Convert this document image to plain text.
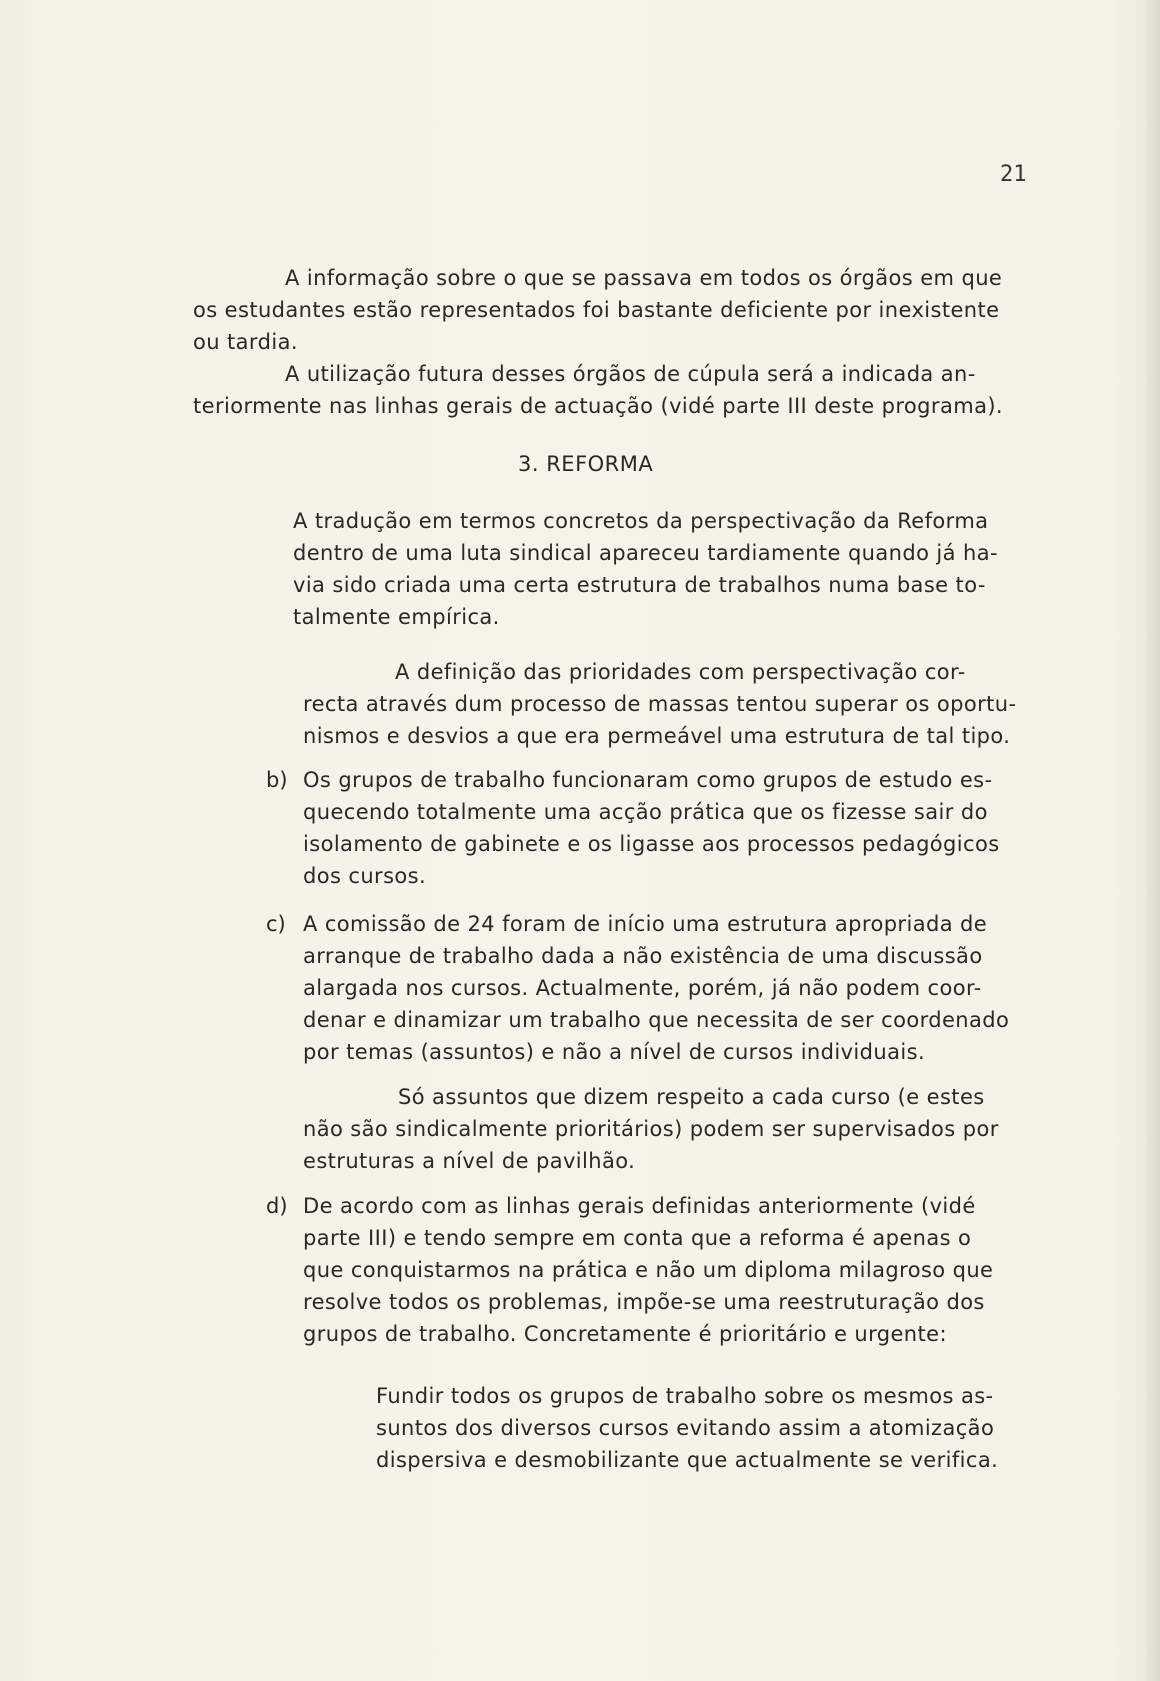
21
A informação sobre o que se passava em todos os órgãos em que
os estudantes estão representados foi bastante deficiente por inexistente
ou tardia.
A utilização futura desses órgãos de cúpula será a indicada an-
teriormente nas linhas gerais de actuação (vidé parte III deste programa).
3. REFORMA
A tradução em termos concretos da perspectivação da Reforma
dentro de uma luta sindical apareceu tardiamente quando já ha-
via sido criada uma certa estrutura de trabalhos numa base to-
talmente empírica.
A definição das prioridades com perspectivação cor-
recta através dum processo de massas tentou superar os oportu-
nismos e desvios a que era permeável uma estrutura de tal tipo.
b) Os grupos de trabalho funcionaram como grupos de estudo es-
quecendo totalmente uma acção prática que os fizesse sair do
isolamento de gabinete e os ligasse aos processos pedagógicos
dos cursos.
c) A comissão de 24 foram de início uma estrutura apropriada de
arranque de trabalho dada a não existência de uma discussão
alargada nos cursos. Actualmente, porém, já não podem coor-
denar e dinamizar um trabalho que necessita de ser coordenado
por temas (assuntos) e não a nível de cursos individuais.
Só assuntos que dizem respeito a cada curso (e estes
não são sindicalmente prioritários) podem ser supervisados por
estruturas a nível de pavilhão.
d) De acordo com as linhas gerais definidas anteriormente (vidé
parte III) e tendo sempre em conta que a reforma é apenas o
que conquistarmos na prática e não um diploma milagroso que
resolve todos os problemas, impõe-se uma reestruturação dos
grupos de trabalho. Concretamente é prioritário e urgente:
Fundir todos os grupos de trabalho sobre os mesmos as-
suntos dos diversos cursos evitando assim a atomização
dispersiva e desmobilizante que actualmente se verifica.
